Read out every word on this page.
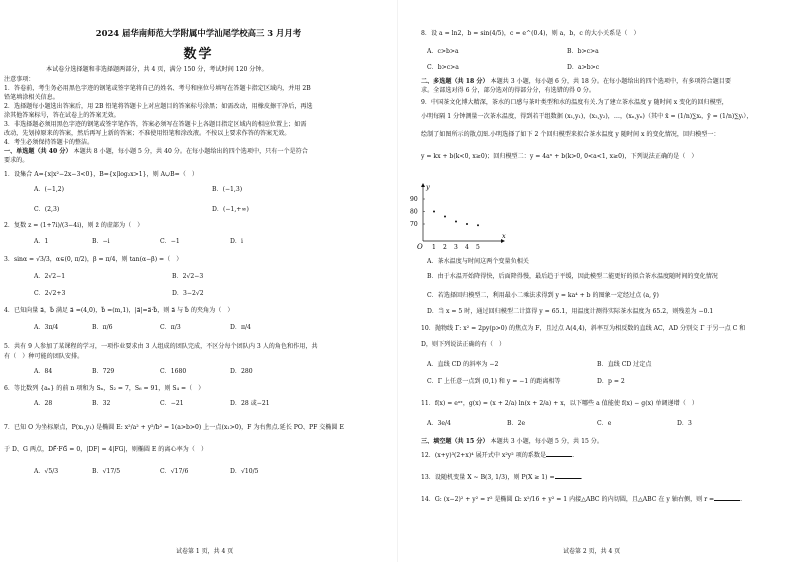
2024 届华南师范大学附属中学汕尾学校高三 3 月月考
数学
本试卷分选择题和非选择题两部分，共 4 页，满分 150 分，考试时间 120 分钟。
注意事项：
1．答卷前，考生务必用黑色字迹的钢笔或签字笔将自己的姓名、考号和座位号填写在答题卡指定区域内，并用 2B
铅笔填涂相关信息。
2．选择题每小题选出答案后，用 2B 铅笔将答题卡上对应题目的答案标号涂黑；如需改动，用橡皮擦干净后，再选
涂其他答案标号，答在试卷上的答案无效。
3．非选择题必须用黑色字迹的钢笔或签字笔作答，答案必须写在答题卡上各题目指定区域内的相应位置上；如需
改动，先划掉原来的答案，然后再写上新的答案；不准使用铅笔和涂改液。不按以上要求作答的答案无效。
4．考生必须保持答题卡的整洁。
一、单选题（共 40 分） 本题共 8 小题，每小题 5 分，共 40 分。在每小题给出的四个选项中，只有一个是符合
要求的。
1．设集合 A={x|x²−2x−3<0}，B={x|log₂x>1}，则 A∪B=（　）
A．(−1,2)	B．(−1,3)
C．(2,3)	D．(−1,+∞)
2．复数 z = (1+7i)/(3−4i)，则 z̄ 的虚部为（　）
A．1	B．−i	C．−1	D．i
3．sinα = √3/3，α∈(0, π/2)，β = π/4，则 tan(α−β) =（　）
A．2√2−1	B．2√2−3
C．2√2+3	D．3−2√2
4．已知向量 a⃗，b⃗ 满足 a⃗ =(4,0)，b⃗ =(m,1)，|a⃗|=a⃗·b⃗，则 a⃗ 与 b⃗ 的夹角为（　）
A．3π/4	B．π/6	C．π/3	D．π/4
5．共有 9 人参加了某课程的学习，一项作业要求由 3 人组成的团队完成，不区分每个团队内 3 人的角色和作用，共
有（　）种可能的团队安排。
A．84	B．729	C．1680	D．280
6．等比数列 {aₙ} 的前 n 项和为 Sₙ，S₂ = 7，S₆ = 91，则 S₄ =（　）
A．28	B．32	C．−21	D．28 或−21
7．已知 O 为坐标原点，P(x₁,y₁) 是椭圆 E: x²/a² + y²/b² = 1(a>b>0) 上一点(x₁>0)，F 为右焦点.延长 PO、PF 交椭圆 E
于 D、G 两点，DF⃗·FG⃗ = 0，|DF| = 4|FG|，则椭圆 E 的离心率为（　）
A．√5/3	B．√17/5	C．√17/6	D．√10/5
试卷第 1 页，共 4 页
8．设 a = ln2，b = sin(4/5)，c = e^(0.4)，则 a，b，c 的大小关系是（　）
A．c>b>a	B．b>c>a
C．b>c>a	D．a>b>c
二、多选题（共 18 分） 本题共 3 小题，每小题 6 分，共 18 分。在每小题给出的四个选项中，有多项符合题目要
求。全部选对得 6 分，部分选对的得部分分，有选错的得 0 分。
9．中国茶文化博大精深，茶水的口感与茶叶类型和水的温度有关.为了建立茶水温度 y 随时间 x 变化的回归模型，
小明每隔 1 分钟测量一次茶水温度，得到若干组数据 (x₁,y₁)，(x₂,y₂)，…，(xₙ,yₙ)（其中 x̄ = (1/n)∑xᵢ，ȳ = (1/n)∑yᵢ），
绘制了如图所示的散点图.小明选择了如下 2 个回归模型来拟合茶水温度 y 随时间 x 的变化情况，回归模型一：
y = kx + b(k<0, x≥0)；回归模型二：y = 4aˣ + b(k>0, 0<a<1, x≥0)，下列说法正确的是（　）
x
y
O 1 2 3 4 5
90
80
70
A．茶水温度与时间这两个变量负相关
B．由于水温开始降得快，后面降得慢，最后趋于平缓，因此模型二能更好的拟合茶水温度随时间的变化情况
C．若选择回归模型二，利用最小二乘法求得到 y = ka⁴ + b 的图象一定经过点 (a, ȳ)
D．当 x = 5 时，通过回归模型二计算得 y = 65.1，用温度计测得实际茶水温度为 65.2，则残差为 −0.1
10．抛物线 Γ: x² = 2py(p>0) 的焦点为 F，且过点 A(4,4)，斜率互为相反数的直线 AC，AD 分别交 Γ 于另一点 C 和
D，则下列说法正确的有（　）
A．直线 CD 的斜率为 −2	B．直线 CD 过定点
C．Γ 上任意一点到 (0,1) 和 y = −1 的距离相等	D．p = 2
11．f(x) = eᵃˣ，g(x) = (x + 2/a) ln(x + 2/a) + x，以下哪些 a 值能使 f(x) − g(x) 单调递增（　）
A．3e/4	B．2e	C．e	D．3
三、填空题（共 15 分） 本题共 3 小题，每小题 5 分，共 15 分。
12．(x+y)³(2+x)⁴ 展开式中 x²y² 项的系数是	.
13．设随机变量 X ~ B(3, 1/3)，则 P(X ≥ 1) =	.
14．G: (x−2)² + y² = r² 是椭圆 Ω: x²/16 + y² = 1 内接△ABC 的内切圆，且△ABC 在 y 轴右侧，则 r =	.
试卷第 2 页，共 4 页
